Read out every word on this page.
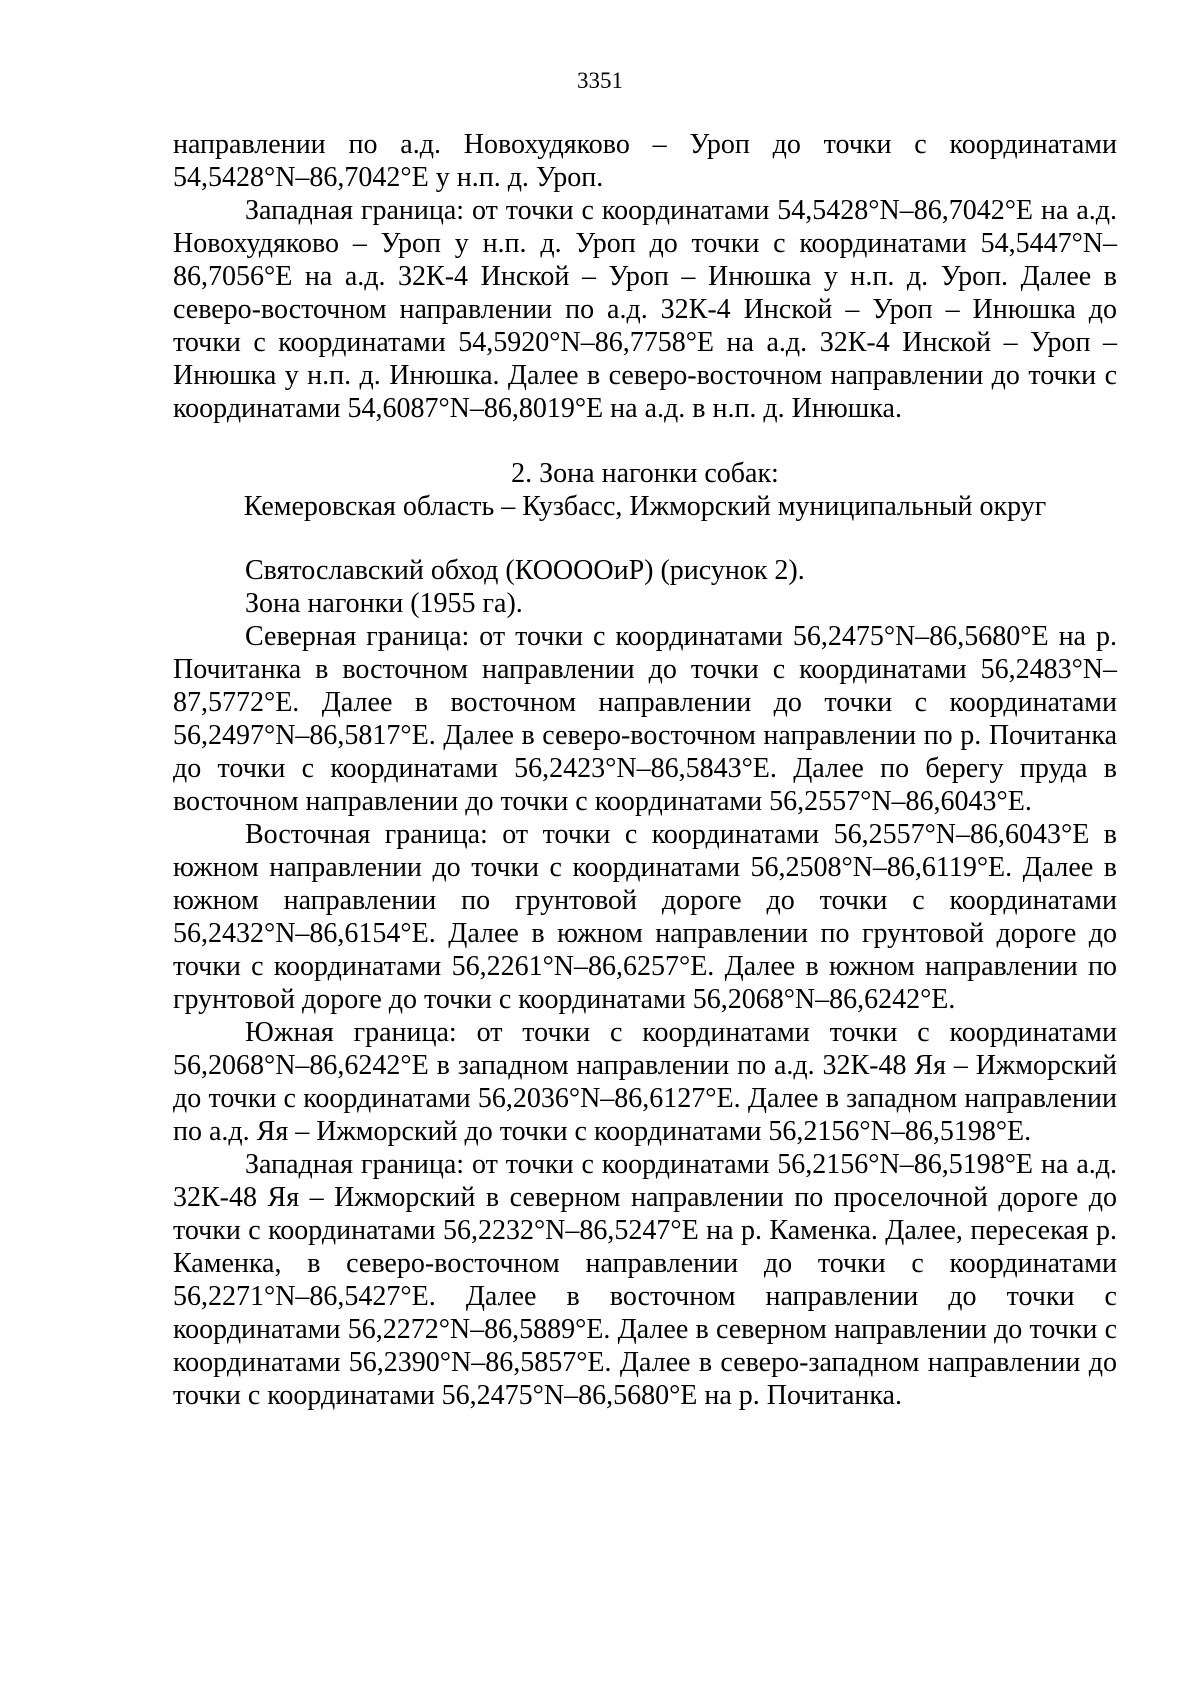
3351

направлении по а.д. Новохудяково – Уроп до точки с координатами 54,5428°N–86,7042°E у н.п. д. Уроп.

Западная граница: от точки с координатами 54,5428°N–86,7042°E на а.д. Новохудяково – Уроп у н.п. д. Уроп до точки с координатами 54,5447°N–86,7056°E на а.д. 32К-4 Инской – Уроп – Инюшка у н.п. д. Уроп. Далее в северо-восточном направлении по а.д. 32К-4 Инской – Уроп – Инюшка до точки с координатами 54,5920°N–86,7758°E на а.д. 32К-4 Инской – Уроп – Инюшка у н.п. д. Инюшка. Далее в северо-восточном направлении до точки с координатами 54,6087°N–86,8019°E на а.д. в н.п. д. Инюшка.

2. Зона нагонки собак:

Кемеровская область – Кузбасс, Ижморский муниципальный округ

Святославский обход (КООООиР) (рисунок 2).

Зона нагонки (1955 га).

Северная граница: от точки с координатами 56,2475°N–86,5680°E на р. Почитанка в восточном направлении до точки с координатами 56,2483°N–87,5772°E. Далее в восточном направлении до точки с координатами 56,2497°N–86,5817°E. Далее в северо-восточном направлении по р. Почитанка до точки с координатами 56,2423°N–86,5843°E. Далее по берегу пруда в восточном направлении до точки с координатами 56,2557°N–86,6043°E.

Восточная граница: от точки с координатами 56,2557°N–86,6043°E в южном направлении до точки с координатами 56,2508°N–86,6119°E. Далее в южном направлении по грунтовой дороге до точки с координатами 56,2432°N–86,6154°E. Далее в южном направлении по грунтовой дороге до точки с координатами 56,2261°N–86,6257°E. Далее в южном направлении по грунтовой дороге до точки с координатами 56,2068°N–86,6242°E.

Южная граница: от точки с координатами точки с координатами 56,2068°N–86,6242°E в западном направлении по а.д. 32К-48 Яя – Ижморский до точки с координатами 56,2036°N–86,6127°E. Далее в западном направлении по а.д. Яя – Ижморский до точки с координатами 56,2156°N–86,5198°E.

Западная граница: от точки с координатами 56,2156°N–86,5198°E на а.д. 32К-48 Яя – Ижморский в северном направлении по проселочной дороге до точки с координатами 56,2232°N–86,5247°E на р. Каменка. Далее, пересекая р. Каменка, в северо-восточном направлении до точки с координатами 56,2271°N–86,5427°E. Далее в восточном направлении до точки с координатами 56,2272°N–86,5889°E. Далее в северном направлении до точки с координатами 56,2390°N–86,5857°E. Далее в северо-западном направлении до точки с координатами 56,2475°N–86,5680°E на р. Почитанка.
